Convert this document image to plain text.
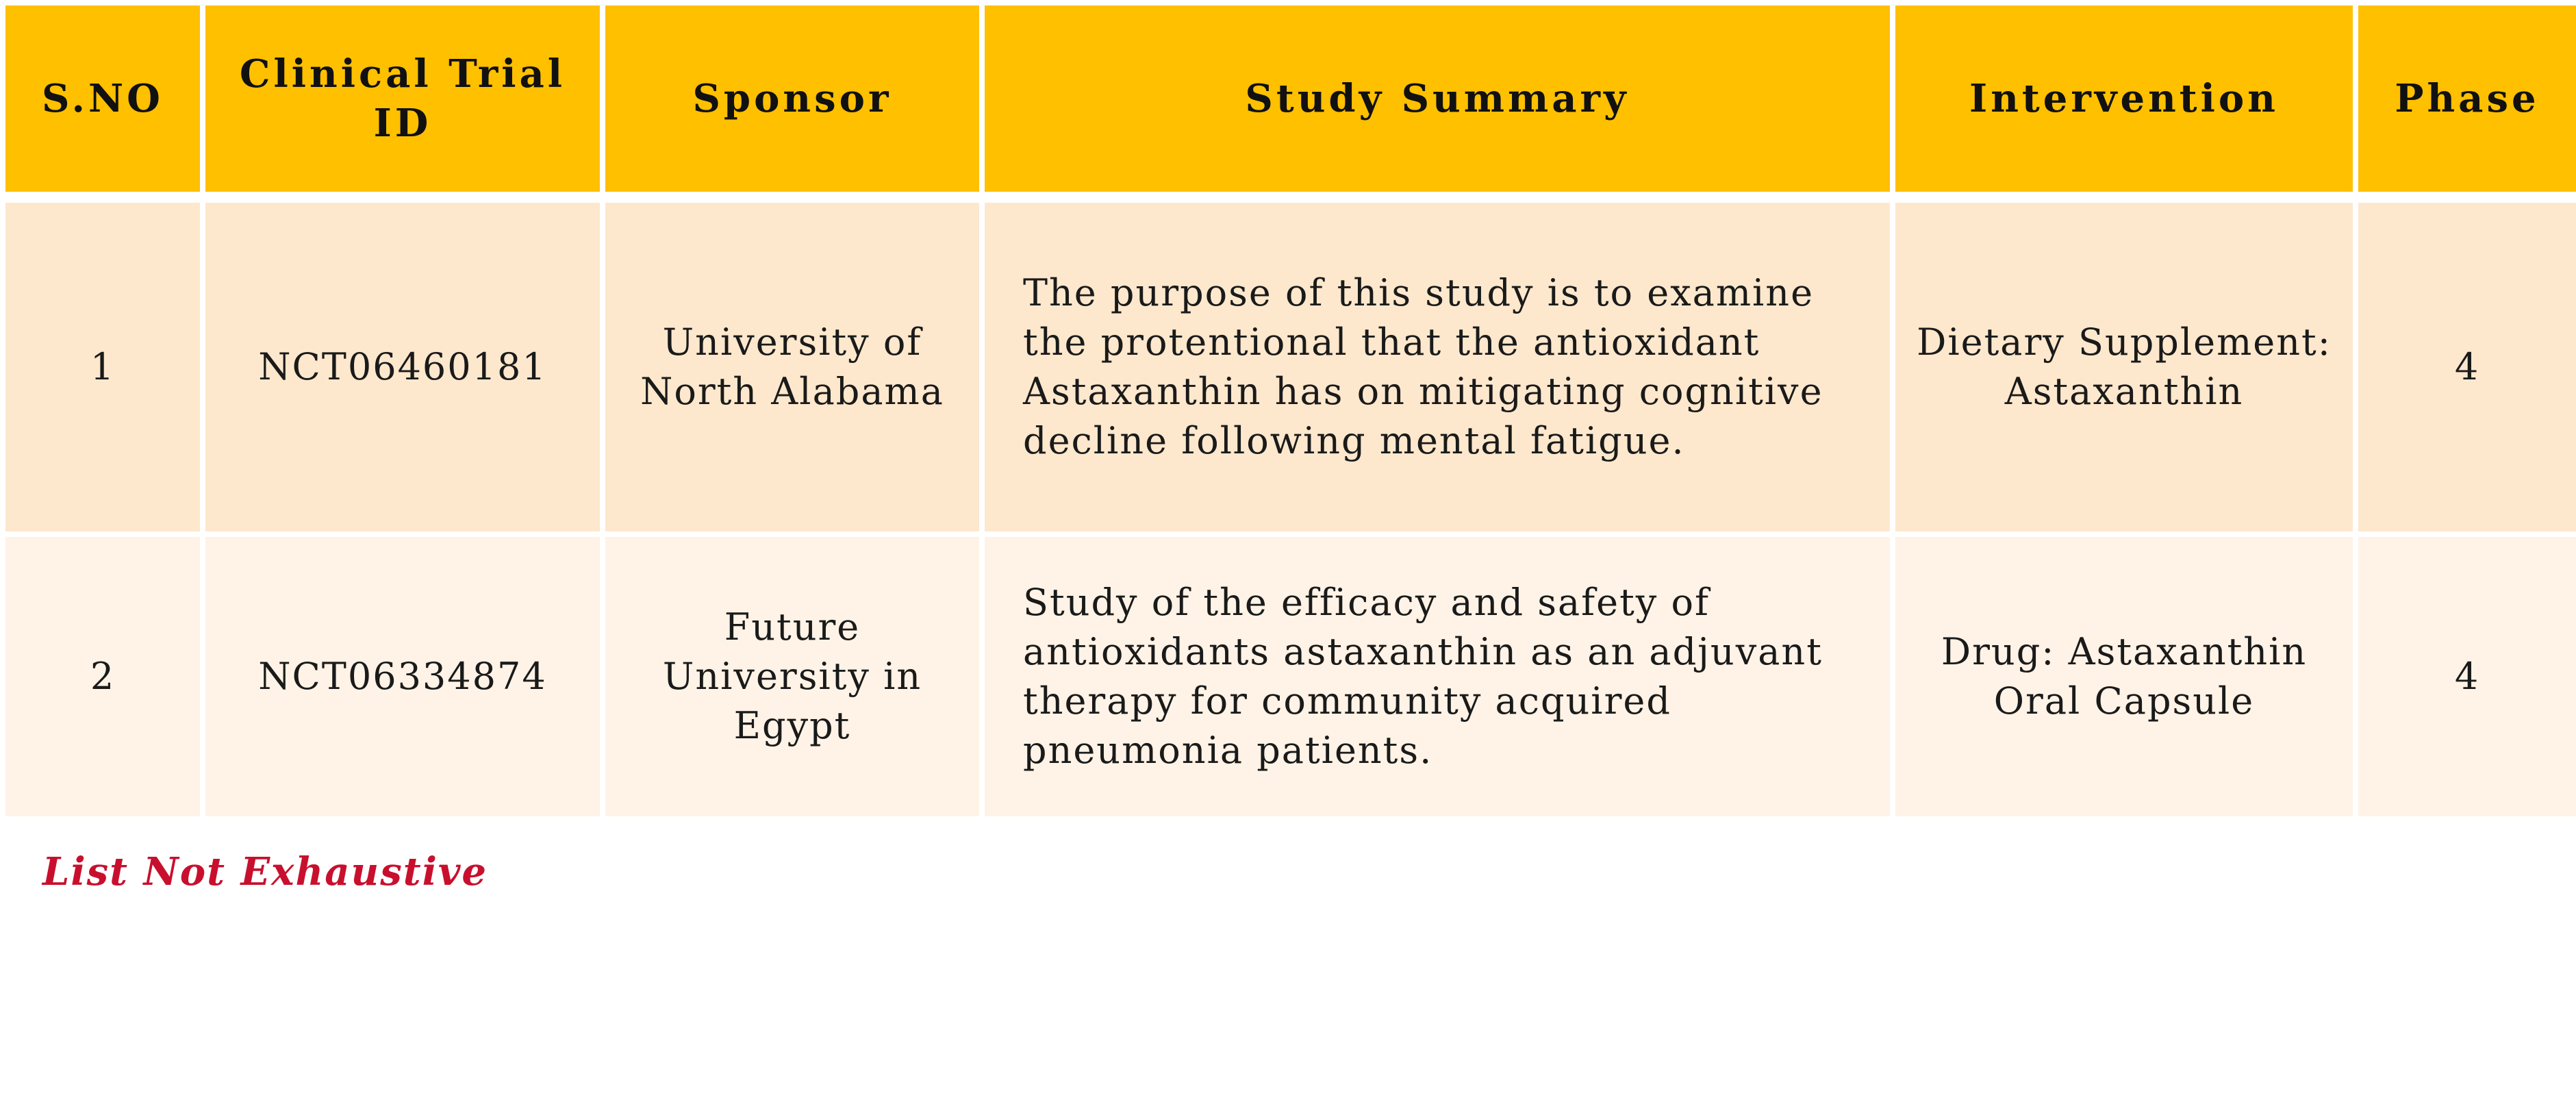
S.NO	Clinical Trial ID	Sponsor	Study Summary	Intervention	Phase

1	NCT06460181	University of North Alabama	The purpose of this study is to examine the protentional that the antioxidant Astaxanthin has on mitigating cognitive decline following mental fatigue.	Dietary Supplement: Astaxanthin	4
2	NCT06334874	Future University in Egypt	Study of the efficacy and safety of antioxidants astaxanthin as an adjuvant therapy for community acquired pneumonia patients.	Drug: Astaxanthin Oral Capsule	4
List Not Exhaustive
